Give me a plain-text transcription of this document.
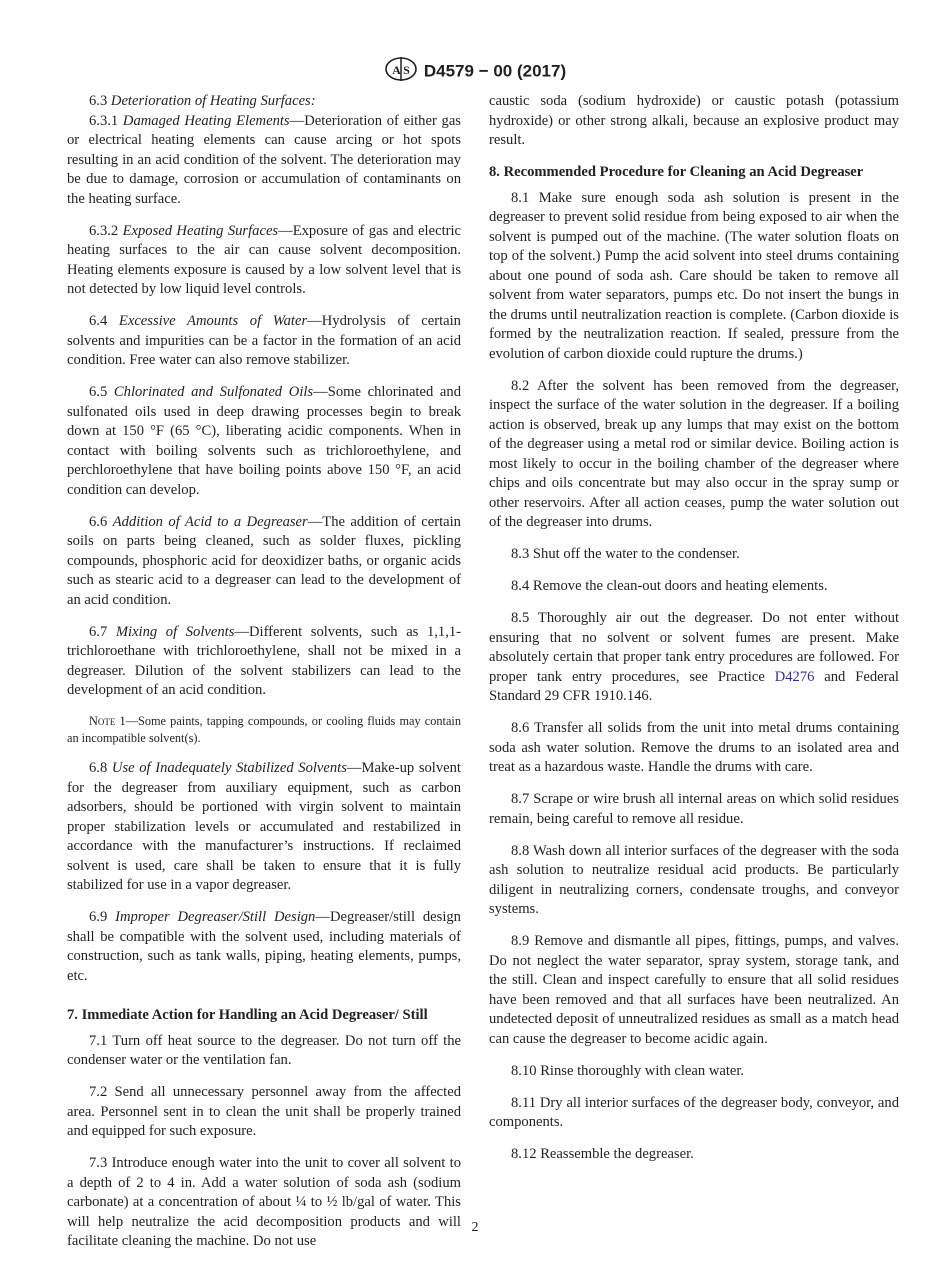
A S D4579 − 00 (2017)

6.3 Deterioration of Heating Surfaces:

6.3.1 Damaged Heating Elements—Deterioration of either gas or electrical heating elements can cause arcing or hot spots resulting in an acid condition of the solvent. The deterioration may be due to damage, corrosion or accumulation of contaminants on the heating surface.

6.3.2 Exposed Heating Surfaces—Exposure of gas and electric heating surfaces to the air can cause solvent decomposition. Heating elements exposure is caused by a low solvent level that is not detected by low liquid level controls.

6.4 Excessive Amounts of Water—Hydrolysis of certain solvents and impurities can be a factor in the formation of an acid condition. Free water can also remove stabilizer.

6.5 Chlorinated and Sulfonated Oils—Some chlorinated and sulfonated oils used in deep drawing processes begin to break down at 150 °F (65 °C), liberating acidic components. When in contact with boiling solvents such as trichloroethylene, and perchloroethylene that have boiling points above 150 °F, an acid condition can develop.

6.6 Addition of Acid to a Degreaser—The addition of certain soils on parts being cleaned, such as solder fluxes, pickling compounds, phosphoric acid for deoxidizer baths, or organic acids such as stearic acid to a degreaser can lead to the development of an acid condition.

6.7 Mixing of Solvents—Different solvents, such as 1,1,1-trichloroethane with trichloroethylene, shall not be mixed in a degreaser. Dilution of the solvent stabilizers can lead to the development of an acid condition.

Note 1—Some paints, tapping compounds, or cooling fluids may contain an incompatible solvent(s).

6.8 Use of Inadequately Stabilized Solvents—Make-up solvent for the degreaser from auxiliary equipment, such as carbon adsorbers, should be portioned with virgin solvent to maintain proper stabilization levels or accumulated and restabilized in accordance with the manufacturer’s instructions. If reclaimed solvent is used, care shall be taken to ensure that it is fully stabilized for use in a vapor degreaser.

6.9 Improper Degreaser/Still Design—Degreaser/still design shall be compatible with the solvent used, including materials of construction, such as tank walls, piping, heating elements, pumps, etc.

7. Immediate Action for Handling an Acid Degreaser/ Still

7.1 Turn off heat source to the degreaser. Do not turn off the condenser water or the ventilation fan.

7.2 Send all unnecessary personnel away from the affected area. Personnel sent in to clean the unit shall be properly trained and equipped for such exposure.

7.3 Introduce enough water into the unit to cover all solvent to a depth of 2 to 4 in. Add a water solution of soda ash (sodium carbonate) at a concentration of about ¼ to ½ lb/gal of water. This will help neutralize the acid decomposition products and will facilitate cleaning the machine. Do not use

caustic soda (sodium hydroxide) or caustic potash (potassium hydroxide) or other strong alkali, because an explosive product may result.

8. Recommended Procedure for Cleaning an Acid Degreaser

8.1 Make sure enough soda ash solution is present in the degreaser to prevent solid residue from being exposed to air when the solvent is pumped out of the machine. (The water solution floats on top of the solvent.) Pump the acid solvent into steel drums containing about one pound of soda ash. Care should be taken to remove all solvent from water separators, pumps etc. Do not insert the bungs in the drums until neutralization reaction is complete. (Carbon dioxide is formed by the neutralization reaction. If sealed, pressure from the evolution of carbon dioxide could rupture the drums.)

8.2 After the solvent has been removed from the degreaser, inspect the surface of the water solution in the degreaser. If a boiling action is observed, break up any lumps that may exist on the bottom of the degreaser using a metal rod or similar device. Boiling action is most likely to occur in the boiling chamber of the degreaser where chips and oils concentrate but may also occur in the spray sump or other reservoirs. After all action ceases, pump the water solution out of the degreaser into drums.

8.3 Shut off the water to the condenser.

8.4 Remove the clean-out doors and heating elements.

8.5 Thoroughly air out the degreaser. Do not enter without ensuring that no solvent or solvent fumes are present. Make absolutely certain that proper tank entry procedures are followed. For proper tank entry procedures, see Practice D4276 and Federal Standard 29 CFR 1910.146.

8.6 Transfer all solids from the unit into metal drums containing soda ash water solution. Remove the drums to an isolated area and treat as a hazardous waste. Handle the drums with care.

8.7 Scrape or wire brush all internal areas on which solid residues remain, being careful to remove all residue.

8.8 Wash down all interior surfaces of the degreaser with the soda ash solution to neutralize residual acid products. Be particularly diligent in neutralizing corners, condensate troughs, and conveyor systems.

8.9 Remove and dismantle all pipes, fittings, pumps, and valves. Do not neglect the water separator, spray system, storage tank, and the still. Clean and inspect carefully to ensure that all solid residues have been removed and that all surfaces have been neutralized. An undetected deposit of unneutralized residues as small as a match head can cause the degreaser to become acidic again.

8.10 Rinse thoroughly with clean water.

8.11 Dry all interior surfaces of the degreaser body, conveyor, and components.

8.12 Reassemble the degreaser.

2
